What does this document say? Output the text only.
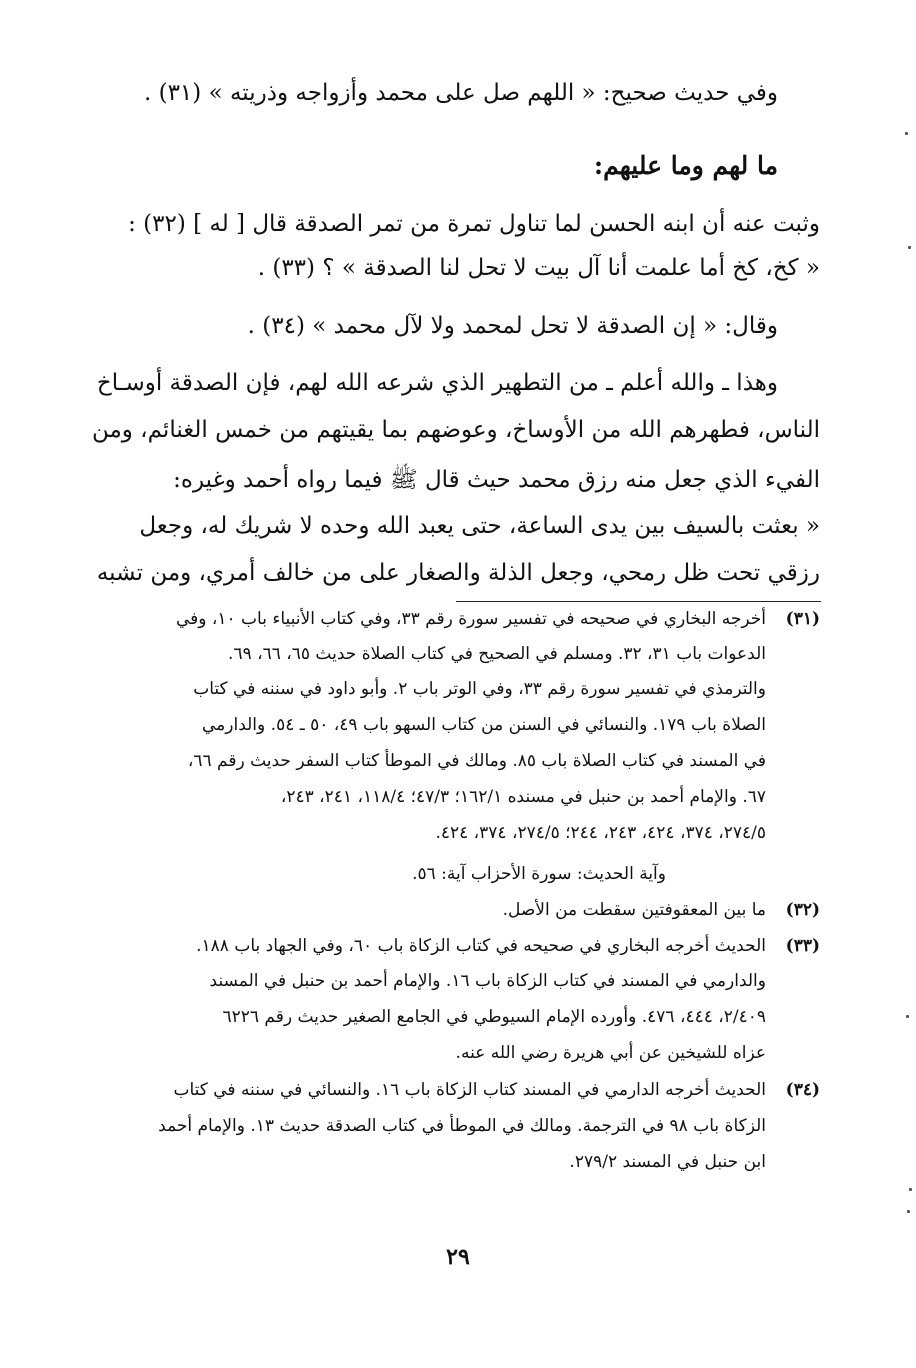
وفي حديث صحيح: « اللهم صل على محمد وأزواجه وذريته » (٣١) .
ما لهم وما عليهم:
وثبت عنه أن ابنه الحسن لما تناول تمرة من تمر الصدقة قال [ له ] (٣٢) :
« كخ، كخ أما علمت أنا آل بيت لا تحل لنا الصدقة » ؟ (٣٣) .
وقال: « إن الصدقة لا تحل لمحمد ولا لآل محمد » (٣٤) .
وهذا ـ والله أعلم ـ من التطهير الذي شرعه الله لهم، فإن الصدقة أوسـاخ
الناس، فطهرهم الله من الأوساخ، وعوضهم بما يقيتهم من خمس الغنائم، ومن
الفيء الذي جعل منه رزق محمد حيث قال ﷺ فيما رواه أحمد وغيره:
« بعثت بالسيف بين يدى الساعة، حتى يعبد الله وحده لا شريك له، وجعل
رزقي تحت ظل رمحي، وجعل الذلة والصغار على من خالف أمري، ومن تشبه
(٣١)
أخرجه البخاري في صحيحه في تفسير سورة رقم ٣٣، وفي كتاب الأنبياء باب ١٠، وفي
الدعوات باب ٣١، ٣٢. ومسلم في الصحيح في كتاب الصلاة حديث ٦٥، ٦٦، ٦٩.
والترمذي في تفسير سورة رقم ٣٣، وفي الوتر باب ٢. وأبو داود في سننه في كتاب
الصلاة باب ١٧٩. والنسائي في السنن من كتاب السهو باب ٤٩، ٥٠ ـ ٥٤. والدارمي
في المسند في كتاب الصلاة باب ٨٥. ومالك في الموطأ كتاب السفر حديث رقم ٦٦،
٦٧. والإمام أحمد بن حنبل في مسنده ١٦٢/١؛ ٤٧/٣؛ ١١٨/٤، ٢٤١، ٢٤٣،
٢٧٤/٥، ٣٧٤، ٤٢٤، ٢٤٣، ٢٤٤؛ ٢٧٤/٥، ٣٧٤، ٤٢٤.
وآية الحديث: سورة الأحزاب آية: ٥٦.
(٣٢)
ما بين المعقوفتين سقطت من الأصل.
(٣٣)
الحديث أخرجه البخاري في صحيحه في كتاب الزكاة باب ٦٠، وفي الجهاد باب ١٨٨.
والدارمي في المسند في كتاب الزكاة باب ١٦. والإمام أحمد بن حنبل في المسند
٢/٤٠٩، ٤٤٤، ٤٧٦. وأورده الإمام السيوطي في الجامع الصغير حديث رقم ٦٢٢٦
عزاه للشيخين عن أبي هريرة رضي الله عنه.
(٣٤)
الحديث أخرجه الدارمي في المسند كتاب الزكاة باب ١٦. والنسائي في سننه في كتاب
الزكاة باب ٩٨ في الترجمة. ومالك في الموطأ في كتاب الصدقة حديث ١٣. والإمام أحمد
ابن حنبل في المسند ٢٧٩/٢.
٢٩
